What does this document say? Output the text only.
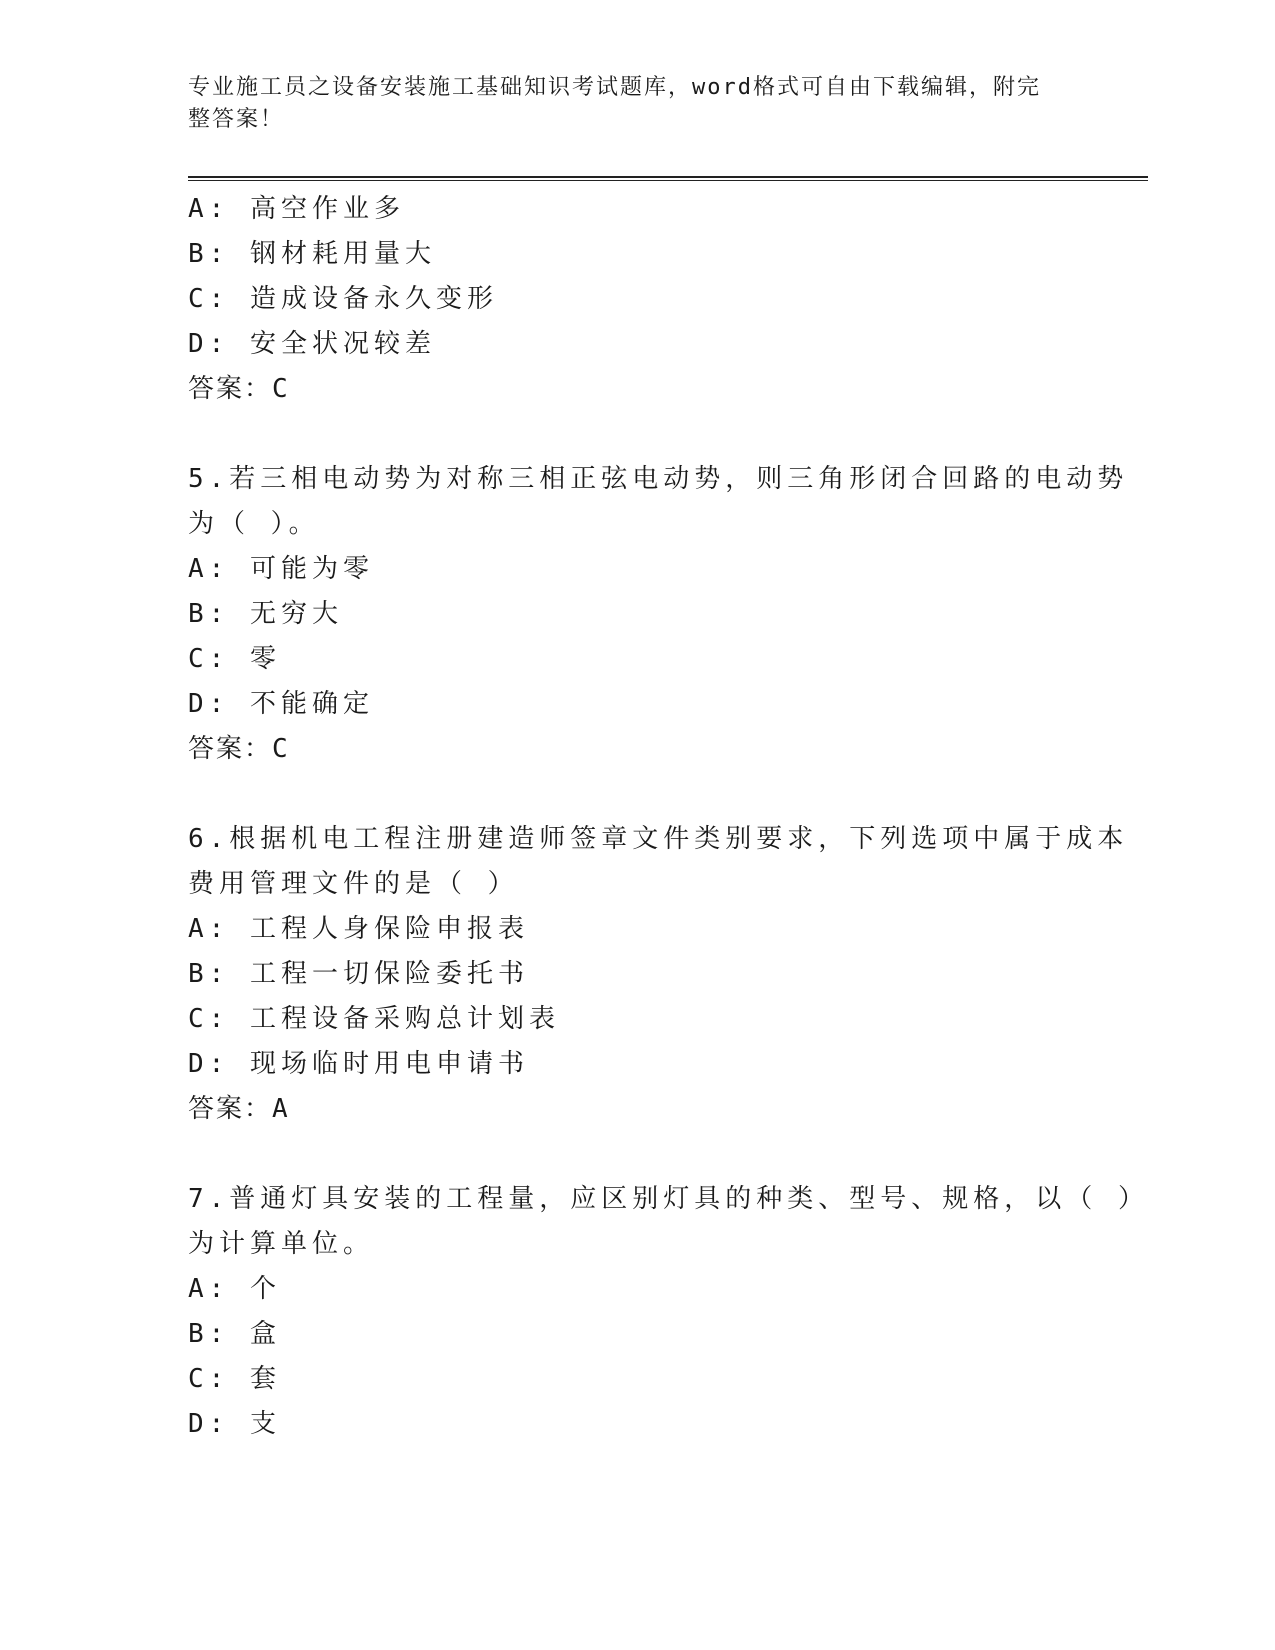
专业施工员之设备安装施工基础知识考试题库，word格式可自由下载编辑，附完
整答案！
A: 高空作业多
B: 钢材耗用量大
C: 造成设备永久变形
D: 安全状况较差
答案：C
5.若三相电动势为对称三相正弦电动势，则三角形闭合回路的电动势
为（ ）。
A: 可能为零
B: 无穷大
C: 零
D: 不能确定
答案：C
6.根据机电工程注册建造师签章文件类别要求，下列选项中属于成本
费用管理文件的是（ ）
A: 工程人身保险申报表
B: 工程一切保险委托书
C: 工程设备采购总计划表
D: 现场临时用电申请书
答案：A
7.普通灯具安装的工程量，应区别灯具的种类、型号、规格，以（ ）
为计算单位。
A: 个
B: 盒
C: 套
D: 支
